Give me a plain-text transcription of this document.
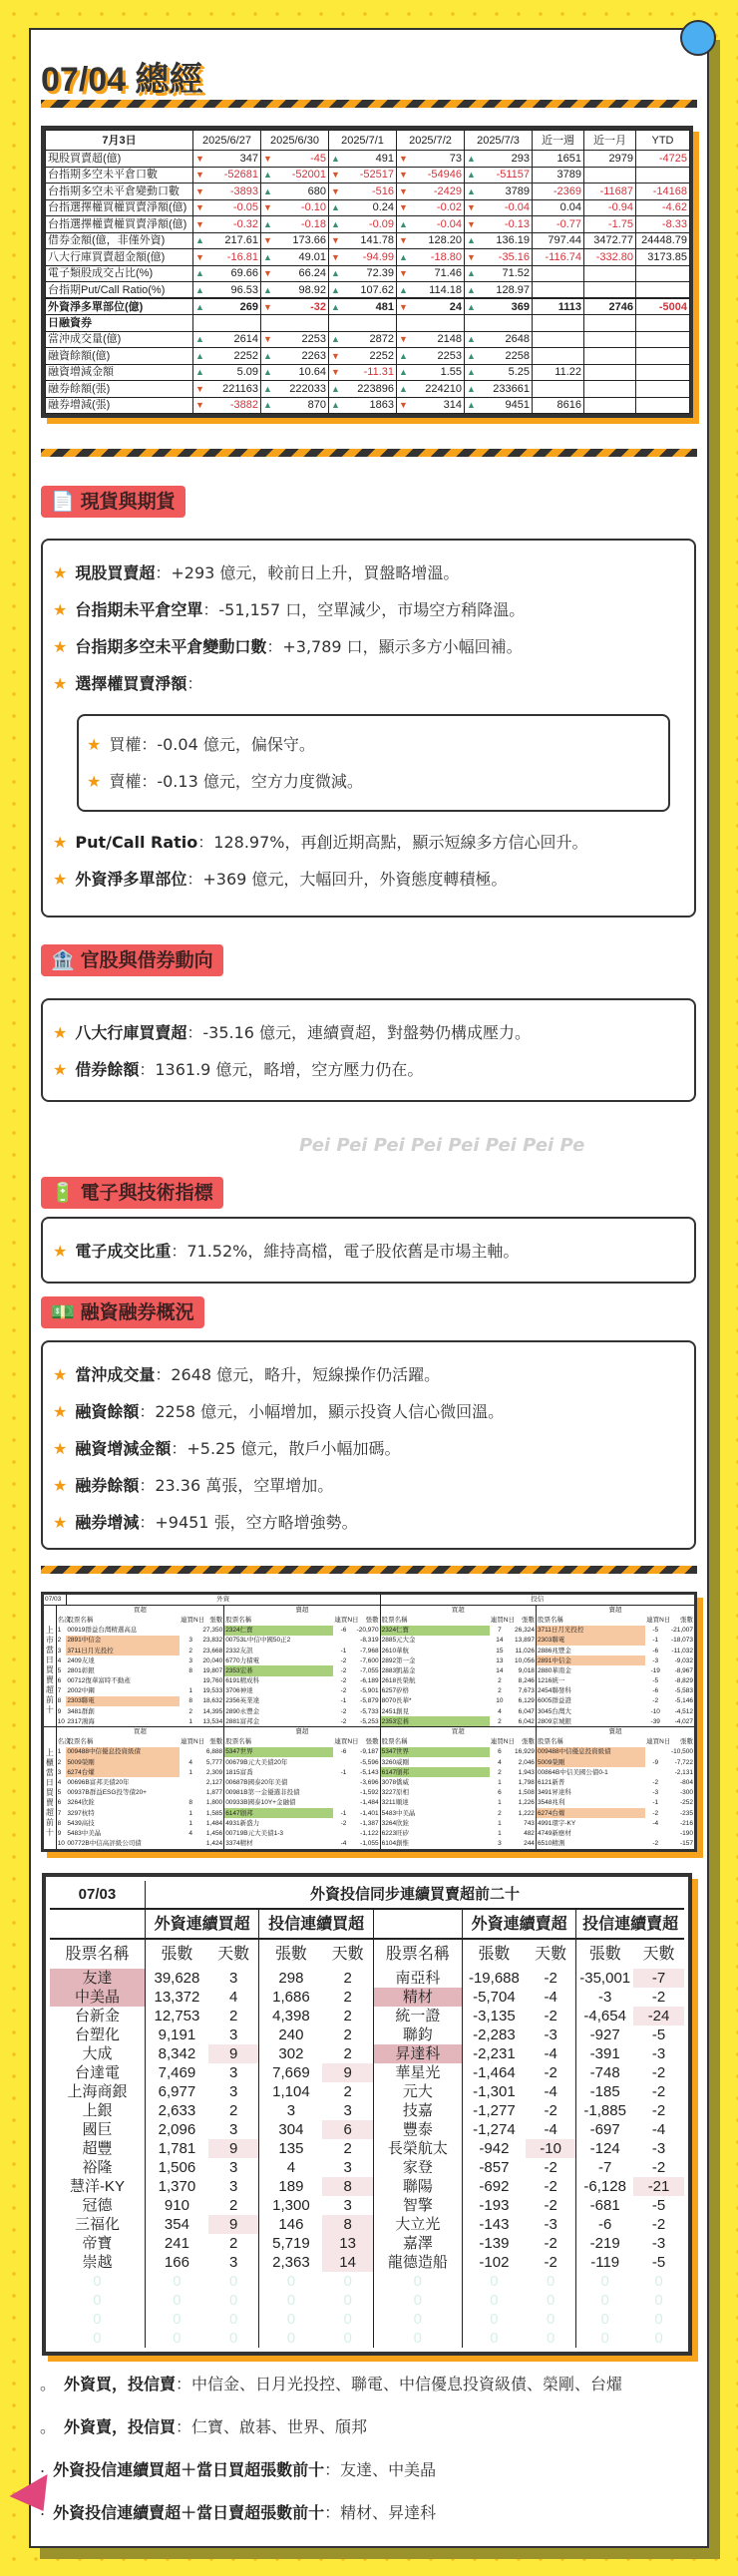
07/04 總經
7月3日	2025/6/27	2025/6/30	2025/7/1	2025/7/2	2025/7/3	近一週	近一月	YTD
現股買賣超(億)	▼ 347	▼ -45	▲ 491	▼ 73	▲ 293	1651	2979	-4725
台指期多空未平倉口數	▼ -52681	▲ -52001	▼ -52517	▼ -54946	▲ -51157	3789		
台指期多空未平倉變動口數	▼ -3893	▲ 680	▼ -516	▼ -2429	▲ 3789	-2369	-11687	-14168
台指選擇權買權買賣淨額(億)	▼ -0.05	▼ -0.10	▲ 0.24	▼ -0.02	▼ -0.04	0.04	-0.94	-4.62
台指選擇權賣權買賣淨額(億)	▼ -0.32	▲ -0.18	▲ -0.09	▲ -0.04	▼ -0.13	-0.77	-1.75	-8.33
借券金額(億，非僅外資)	▲ 217.61	▼ 173.66	▼ 141.78	▼ 128.20	▲ 136.19	797.44	3472.77	24448.79
八大行庫買賣超金額(億)	▼ -16.81	▲ 49.01	▼ -94.99	▲ -18.80	▼ -35.16	-116.74	-332.80	3173.85
電子類股成交占比(%)	▲ 69.66	▼ 66.24	▲ 72.39	▼ 71.46	▲ 71.52			

台指期Put/Call Ratio(%)	▲ 96.53	▲ 98.92	▲ 107.62	▲ 114.18	▲ 128.97			

外資淨多單部位(億)	▲ 269	▼ -32	▲ 481	▼ 24	▲ 369	1113	2746	-5004
日融資券	

當沖成交量(億)	▲ 2614	▼ 2253	▲ 2872	▼ 2148	▲ 2648			

融資餘額(億)	▲ 2252	▲ 2263	▼ 2252	▲ 2253	▲ 2258			

融資增減金額	▲ 5.09	▲ 10.64	▼ -11.31	▲ 1.55	▲ 5.25	11.22		
融券餘額(張)	▼ 221163	▲ 222033	▲ 223896	▲ 224210	▲ 233661			

融券增減(張)	▼ -3882	▲ 870	▲ 1863	▼ 314	▲ 9451	8616		
📄 現貨與期貨
★ 現股買賣超：+293 億元，較前日上升，買盤略增溫。
★ 台指期未平倉空單：-51,157 口，空單減少，市場空方稍降溫。
★ 台指期多空未平倉變動口數：+3,789 口，顯示多方小幅回補。
★ 選擇權買賣淨額：
★ 買權：-0.04 億元，偏保守。
★ 賣權：-0.13 億元，空方力度微減。
★ Put/Call Ratio：128.97%，再創近期高點，顯示短線多方信心回升。
★ 外資淨多單部位：+369 億元，大幅回升，外資態度轉積極。
🏦 官股與借券動向
★ 八大行庫買賣超：-35.16 億元，連續賣超，對盤勢仍構成壓力。
★ 借券餘額：1361.9 億元，略增，空方壓力仍在。
🔋 電子與技術指標
★ 電子成交比重：71.52%，維持高檔，電子股依舊是市場主軸。
💵 融資融券概況
★ 當沖成交量：2648 億元，略升，短線操作仍活躍。
★ 融資餘額：2258 億元，小幅增加，顯示投資人信心微回溫。
★ 融資增減金額：+5.25 億元，散戶小幅加碼。
★ 融券餘額：23.36 萬張，空單增加。
★ 融券增減：+9451 張，空方略增強勢。
Pei Pei Pei Pei Pei Pei Pei Pe
07/03		外資						投信					
	買超				賣超			買超			賣超		
上市當日買賣超前十	名次	股票名稱	連買N日	張數	股票名稱	連買N日	張數	股票名稱	連買N日	張數	股票名稱	連買N日	張數
	1	00919群益台灣精選高息		27,350	2324仁寶	-6	-20,970	2324仁寶	7	26,324	3711日月光投控	-5	-21,007
	2	2891中信金	3	23,832	00753L中信中國50正2		-8,319	2885元大金	14	13,897	2303聯電	-1	-18,073
	3	3711日月光投控	2	23,668	2332友訊	-1	-7,968	2610華航	15	11,026	2886兆豐金	-6	-11,032
	4	2409友達	3	20,040	6770力積電	-2	-7,600	2892第一金	13	10,056	2891中信金	-3	-9,032
	5	2801彰銀	8	19,807	2353宏碁	-2	-7,055	2883凱基金	14	9,018	2880華南金	-19	-8,967
	6	00712復華富時不動產		19,760	6191精成科	-2	-6,189	2618長榮航	2	8,246	1216統一	-5	-8,829
	7	2002中鋼	1	19,533	3706神達	-2	-5,901	6257矽格	2	7,673	2454聯發科	-6	-5,583
	8	2303聯電	8	18,632	2356英業達	-1	-5,879	8070長華*	10	6,129	6005群益證	-2	-5,146
	9	3481群創	2	14,395	2890永豐金	-2	-5,733	2451創見	4	6,047	3045台灣大	-10	-4,512
	10	2317鴻海	1	13,534	2881富邦金	-2	-5,253	2353宏碁	2	6,042	2809京城銀	-39	-4,027
	買超				賣超			買超			賣超		
上櫃當日買賣超前十	名次	股票名稱	連買N日	張數	股票名稱	連買N日	張數	股票名稱	連買N日	張數	股票名稱	連買N日	張數
	1	009488中信優息投資級債		6,888	5347世界	-6	-9,187	5347世界	6	16,929	009488中信優息投資級債		-10,500
	2	5009榮剛	4	5,777	00679B元大美債20年		-5,596	3260威剛	4	2,046	5009榮剛	-9	-7,722
	3	6274台燿	1	2,309	1815富喬	-1	-5,143	6147頎邦	2	1,943	00864B中信美國公債0-1		-2,131
	4	00696B富邦美債20年		2,127	00687B國泰20年美債		-3,696	3078僑威	1	1,798	6121新普	-2	-804
	5	00937B群益ESG投等債20+		1,877	00981B第一金優選非投債		-1,592	3227原相	6	1,508	3491昇達科	-3	-300
	6	3264欣銓	8	1,800	00933B國泰10Y+金融債		-1,484	3211順達	1	1,226	3548兆利	-1	-252
	7	3297杭特	1	1,585	6147頎邦	-1	-1,401	5483中美晶	2	1,222	6274台燿	-2	-235
	8	5439高技	1	1,484	4931新盛力	-2	-1,387	3264欣銓	1	743	4991環宇-KY	-4	-216
	9	5483中美晶	4	1,456	00719B元大美債1-3		-1,122	6223旺矽	1	482	4749新應材		-190
	10	00772B中信高評級公司債		1,424	3374精材	-4	-1,055	6104創惟	3	244	6510精測	-2	-157
07/03	外資投信同步連續買賣超前二十								
	外資連續買超		投信連續買超			外資連續賣超		投信連續賣超	
股票名稱	張數	天數	張數	天數	股票名稱	張數	天數	張數	天數
友達	39,628	3	298	2	南亞科	-19,688	-2	-35,001	-7
中美晶	13,372	4	1,686	2	精材	-5,704	-4	-3	-2
台新金	12,753	2	4,398	2	統一證	-3,135	-2	-4,654	-24
台塑化	9,191	3	240	2	聯鈞	-2,283	-3	-927	-5
大成	8,342	9	302	2	昇達科	-2,231	-4	-391	-3
台達電	7,469	3	7,669	9	華星光	-1,464	-2	-748	-2
上海商銀	6,977	3	1,104	2	元大	-1,301	-4	-185	-2
上銀	2,633	2	3	3	技嘉	-1,277	-2	-1,885	-2
國巨	2,096	3	304	6	豐泰	-1,274	-4	-697	-4
超豐	1,781	9	135	2	長榮航太	-942	-10	-124	-3
裕隆	1,506	3	4	3	家登	-857	-2	-7	-2
慧洋-KY	1,370	3	189	8	聯陽	-692	-2	-6,128	-21
冠德	910	2	1,300	3	智擎	-193	-2	-681	-5
三福化	354	9	146	8	大立光	-143	-3	-6	-2
帝寶	241	2	5,719	13	嘉澤	-139	-2	-219	-3
崇越	166	3	2,363	14	龍德造船	-102	-2	-119	-5
0	0	0	0	0	0	0	0	0	0
0	0	0	0	0	0	0	0	0	0
0	0	0	0	0	0	0	0	0	0
0	0	0	0	0	0	0	0	0	0
。 外資買，投信賣：中信金、日月光投控、聯電、中信優息投資級債、榮剛、台燿
。 外資賣，投信買：仁寶、啟碁、世界、頎邦
. 外資投信連續買超＋當日買超張數前十：友達、中美晶
. 外資投信連續賣超＋當日賣超張數前十：精材、昇達科
